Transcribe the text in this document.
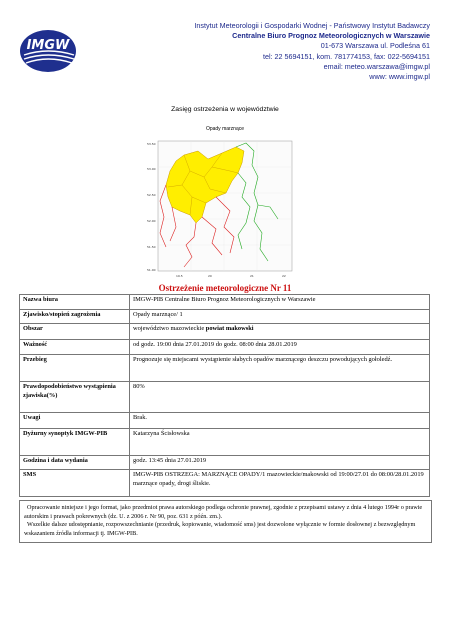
IMGW
Instytut Meteorologii i Gospodarki Wodnej - Państwowy Instytut Badawczy
Centralne Biuro Prognoz Meteorologicznych w Warszawie
01-673 Warszawa ul. Podleśna 61
tel: 22 5694151, kom. 781774153, fax: 022-5694151
email: meteo.warszawa@imgw.pl
www: www.imgw.pl
Zasięg ostrzeżenia w województwie
Opady marznące
53.50
53.00
52.50
52.00
51.50
51.00
19.5	20	21	22
Ostrzeżenie meteorologiczne Nr 11
Nazwa biura	IMGW-PIB Centralne Biuro Prognoz Meteorologicznych w Warszawie
Zjawisko/stopień zagrożenia	Opady marznące/ 1
Obszar	województwo mazowieckie powiat makowski
Ważność	od godz. 19:00 dnia 27.01.2019 do godz. 08:00 dnia 28.01.2019
Przebieg	Prognozuje się miejscami wystąpienie słabych opadów marznącego deszczu powodujących gołoledź.
Prawdopodobieństwo wystąpienia zjawiska(%)	80%
Uwagi	Brak.
Dyżurny synoptyk IMGW-PIB	Katarzyna Ścisłowska
Godzina i data wydania	godz. 13:45 dnia 27.01.2019
SMS	IMGW-PIB OSTRZEGA: MARZNĄCE OPADY/1 mazowieckie/makowski od 19:00/27.01 do 08:00/28.01.2019 marznące opady, drogi śliskie.

Opracowanie niniejsze i jego format, jako przedmiot prawa autorskiego podlega ochronie prawnej, zgodnie z przepisami ustawy z dnia 4 lutego 1994r o prawie autorskim i prawach pokrewnych (dz. U. z 2006 r. Nr 90, poz. 631 z późn. zm.).

Wszelkie dalsze udostępnianie, rozpowszechnianie (przedruk, kopiowanie, wiadomość sms) jest dozwolone wyłącznie w formie dosłownej z bezwzględnym wskazaniem źródła informacji tj. IMGW-PIB.
